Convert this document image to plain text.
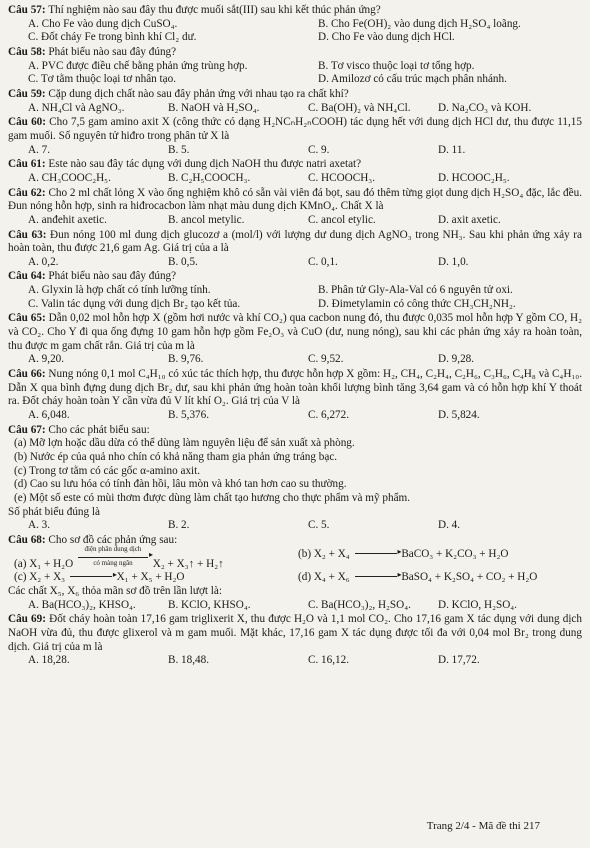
Câu 57: Thí nghiệm nào sau đây thu được muối sắt(III) sau khi kết thúc phản ứng?

A. Cho Fe vào dung dịch CuSO₄.	B. Cho Fe(OH)₂ vào dung dịch H₂SO₄ loãng.
C. Đốt cháy Fe trong bình khí Cl₂ dư.	D. Cho Fe vào dung dịch HCl.

Câu 58: Phát biểu nào sau đây đúng?

A. PVC được điều chế bằng phản ứng trùng hợp.	B. Tơ visco thuộc loại tơ tổng hợp.
C. Tơ tằm thuộc loại tơ nhân tạo.	D. Amilozơ có cấu trúc mạch phân nhánh.

Câu 59: Cặp dung dịch chất nào sau đây phản ứng với nhau tạo ra chất khí?

A. NH₄Cl và AgNO₃.	B. NaOH và H₂SO₄.	C. Ba(OH)₂ và NH₄Cl.	D. Na₂CO₃ và KOH.

Câu 60: Cho 7,5 gam amino axit X (công thức có dạng H₂NCₙH₂ₙCOOH) tác dụng hết với dung dịch HCl dư, thu được 11,15 gam muối. Số nguyên tử hiđro trong phân tử X là

A. 7.	B. 5.	C. 9.	D. 11.

Câu 61: Este nào sau đây tác dụng với dung dịch NaOH thu được natri axetat?

A. CH₃COOC₂H₅.	B. C₂H₅COOCH₃.	C. HCOOCH₃.	D. HCOOC₂H₅.

Câu 62: Cho 2 ml chất lỏng X vào ống nghiệm khô có sẵn vài viên đá bọt, sau đó thêm từng giọt dung dịch H₂SO₄ đặc, lắc đều. Đun nóng hỗn hợp, sinh ra hiđrocacbon làm nhạt màu dung dịch KMnO₄. Chất X là

A. anđehit axetic.	B. ancol metylic.	C. ancol etylic.	D. axit axetic.

Câu 63: Đun nóng 100 ml dung dịch glucozơ a (mol/l) với lượng dư dung dịch AgNO₃ trong NH₃. Sau khi phản ứng xảy ra hoàn toàn, thu được 21,6 gam Ag. Giá trị của a là

A. 0,2.	B. 0,5.	C. 0,1.	D. 1,0.

Câu 64: Phát biểu nào sau đây đúng?

A. Glyxin là hợp chất có tính lưỡng tính.	B. Phân tử Gly-Ala-Val có 6 nguyên tử oxi.
C. Valin tác dụng với dung dịch Br₂ tạo kết tủa.	D. Đimetylamin có công thức CH₃CH₂NH₂.

Câu 65: Dẫn 0,02 mol hỗn hợp X (gồm hơi nước và khí CO₂) qua cacbon nung đỏ, thu được 0,035 mol hỗn hợp Y gồm CO, H₂ và CO₂. Cho Y đi qua ống đựng 10 gam hỗn hợp gồm Fe₂O₃ và CuO (dư, nung nóng), sau khi các phản ứng xảy ra hoàn toàn, thu được m gam chất rắn. Giá trị của m là

A. 9,20.	B. 9,76.	C. 9,52.	D. 9,28.

Câu 66: Nung nóng 0,1 mol C₄H₁₀ có xúc tác thích hợp, thu được hỗn hợp X gồm: H₂, CH₄, C₂H₄, C₂H₆, C₃H₆, C₄H₈ và C₄H₁₀. Dẫn X qua bình đựng dung dịch Br₂ dư, sau khi phản ứng hoàn toàn khối lượng bình tăng 3,64 gam và có hỗn hợp khí Y thoát ra. Đốt cháy hoàn toàn Y cần vừa đủ V lít khí O₂. Giá trị của V là

A. 6,048.	B. 5,376.	C. 6,272.	D. 5,824.

Câu 67: Cho các phát biểu sau:

(a) Mỡ lợn hoặc dầu dừa có thể dùng làm nguyên liệu để sản xuất xà phòng.
(b) Nước ép của quả nho chín có khả năng tham gia phản ứng tráng bạc.
(c) Trong tơ tằm có các gốc α-amino axit.
(d) Cao su lưu hóa có tính đàn hồi, lâu mòn và khó tan hơn cao su thường.
(e) Một số este có mùi thơm được dùng làm chất tạo hương cho thực phẩm và mỹ phẩm.
Số phát biểu đúng là
A. 3.	B. 2.	C. 5.	D. 4.

Câu 68: Cho sơ đồ các phản ứng sau:

(a) X₁ + H₂O điện phân dung dịch
▸
có màng ngăn X₂ + X₃↑ + H₂↑
(b) X₂ + X₄ ▸	BaCO₃ + K₂CO₃ + H₂O
(c) X₂ + X₃ ▸	X₁ + X₅ + H₂O	(d) X₄ + X₆ ▸	BaSO₄ + K₂SO₄ + CO₂ + H₂O

Các chất X₅, X₆ thỏa mãn sơ đồ trên lần lượt là:

A. Ba(HCO₃)₂, KHSO₄.	B. KClO, KHSO₄.	C. Ba(HCO₃)₂, H₂SO₄.	D. KClO, H₂SO₄.

Câu 69: Đốt cháy hoàn toàn 17,16 gam triglixerit X, thu được H₂O và 1,1 mol CO₂. Cho 17,16 gam X tác dụng với dung dịch NaOH vừa đủ, thu được glixerol và m gam muối. Mặt khác, 17,16 gam X tác dụng được tối đa với 0,04 mol Br₂ trong dung dịch. Giá trị của m là

A. 18,28.	B. 18,48.	C. 16,12.	D. 17,72.
Trang 2/4 - Mã đề thi 217
